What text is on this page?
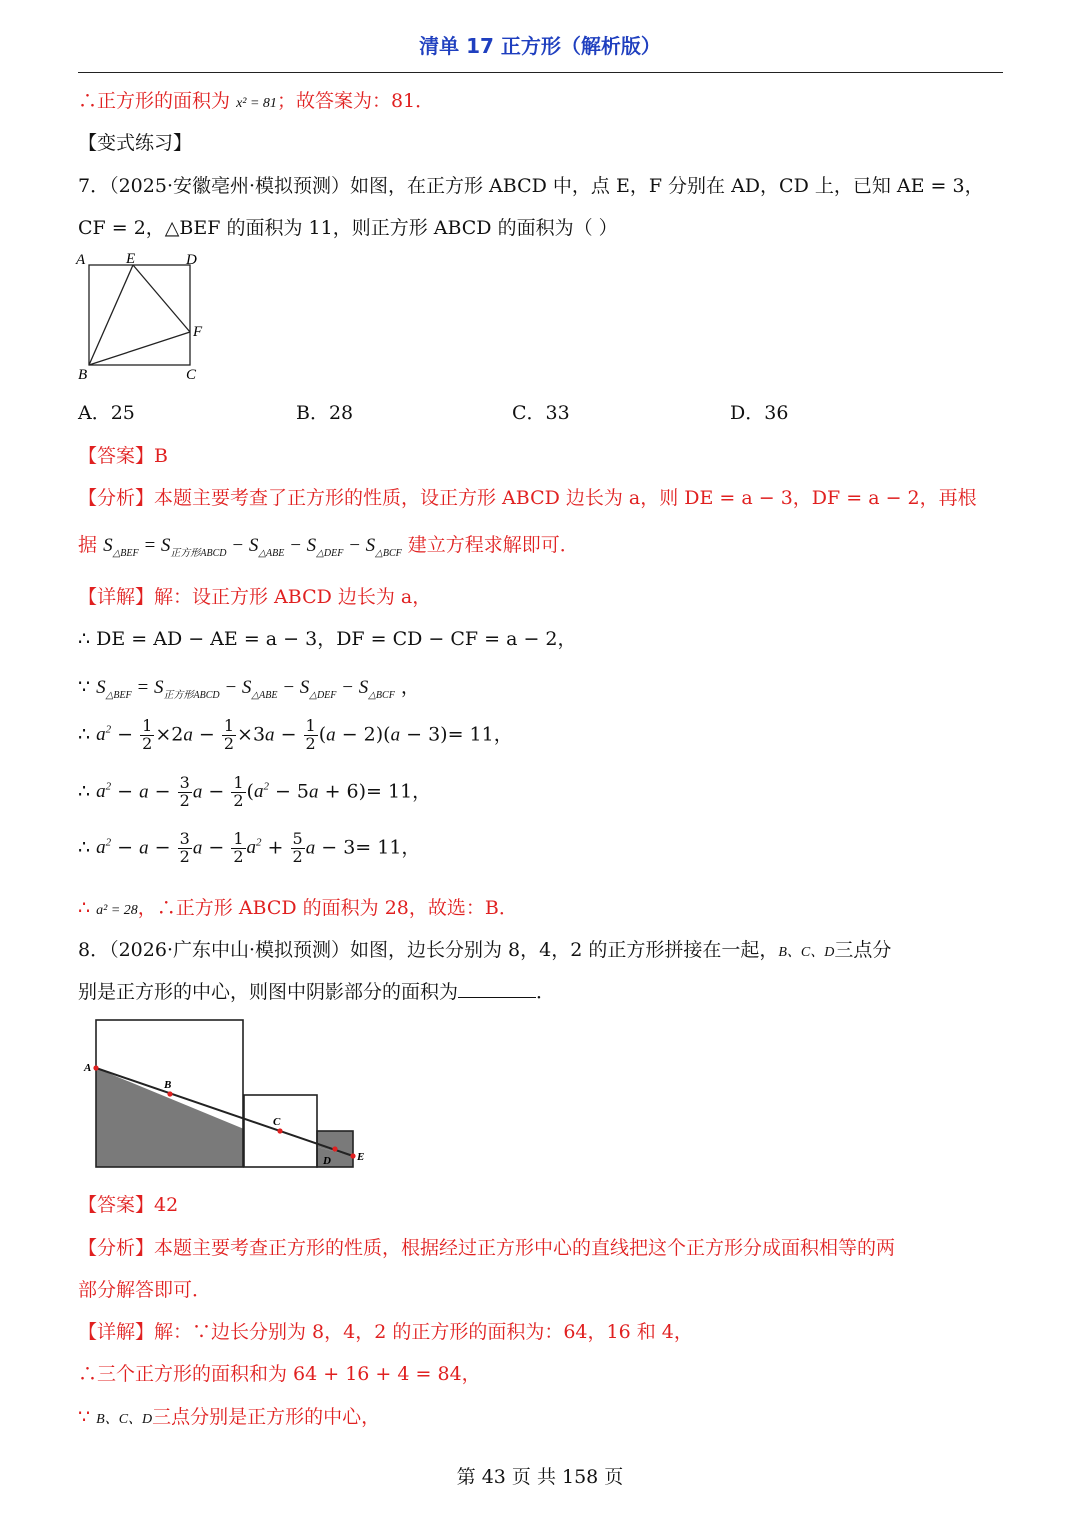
清单 17 正方形（解析版）
∴正方形的面积为 x² = 81；故答案为：81．
【变式练习】
7．（2025·安徽亳州·模拟预测）如图，在正方形 ABCD 中，点 E，F 分别在 AD，CD 上，已知 AE = 3，
CF = 2，△BEF 的面积为 11，则正方形 ABCD 的面积为（ ）
A	E	D
F
B	C
A．25	B．28	C．33	D．36
【答案】B
【分析】本题主要考查了正方形的性质，设正方形 ABCD 边长为 a，则 DE = a − 3，DF = a − 2，再根
据 $S_{\triangle BEF} = S_{正方形ABCD} - S_{\triangle ABE} - S_{\triangle DEF} - S_{\triangle BCF}$ 建立方程求解即可．
【详解】解：设正方形 ABCD 边长为 a，
∴ DE = AD − AE = a − 3，DF = CD − CF = a − 2，
∵ $S_{\triangle BEF} = S_{正方形ABCD} - S_{\triangle ABE} - S_{\triangle DEF} - S_{\triangle BCF}$ ，
∴ $a^2 - \frac{1}{2} \times 2a - \frac{1}{2} \times 3a - \frac{1}{2} (a - 2)(a - 3)= 11$，
∴ $a^2 - a - \frac{3}{2}$ $a - \frac{1}{2} (a^2 - 5a + 6)= 11$，
∴ $a^2 - a - \frac{3}{2}$ $a - \frac{1}{2} a^2 + \frac{5}{2}$ a − 3= 11，
∴ a² = 28，∴正方形 ABCD 的面积为 28，故选：B．
8．（2026·广东中山·模拟预测）如图，边长分别为 8，4，2 的正方形拼接在一起，B、C、D三点分
别是正方形的中心，则图中阴影部分的面积为	．
A
B
C
D E
【答案】42
【分析】本题主要考查正方形的性质，根据经过正方形中心的直线把这个正方形分成面积相等的两
部分解答即可．
【详解】解：∵边长分别为 8，4，2 的正方形的面积为：64，16 和 4，
∴三个正方形的面积和为 64 + 16 + 4 = 84，
∵ B、C、D三点分别是正方形的中心，
第 43 页 共 158 页
